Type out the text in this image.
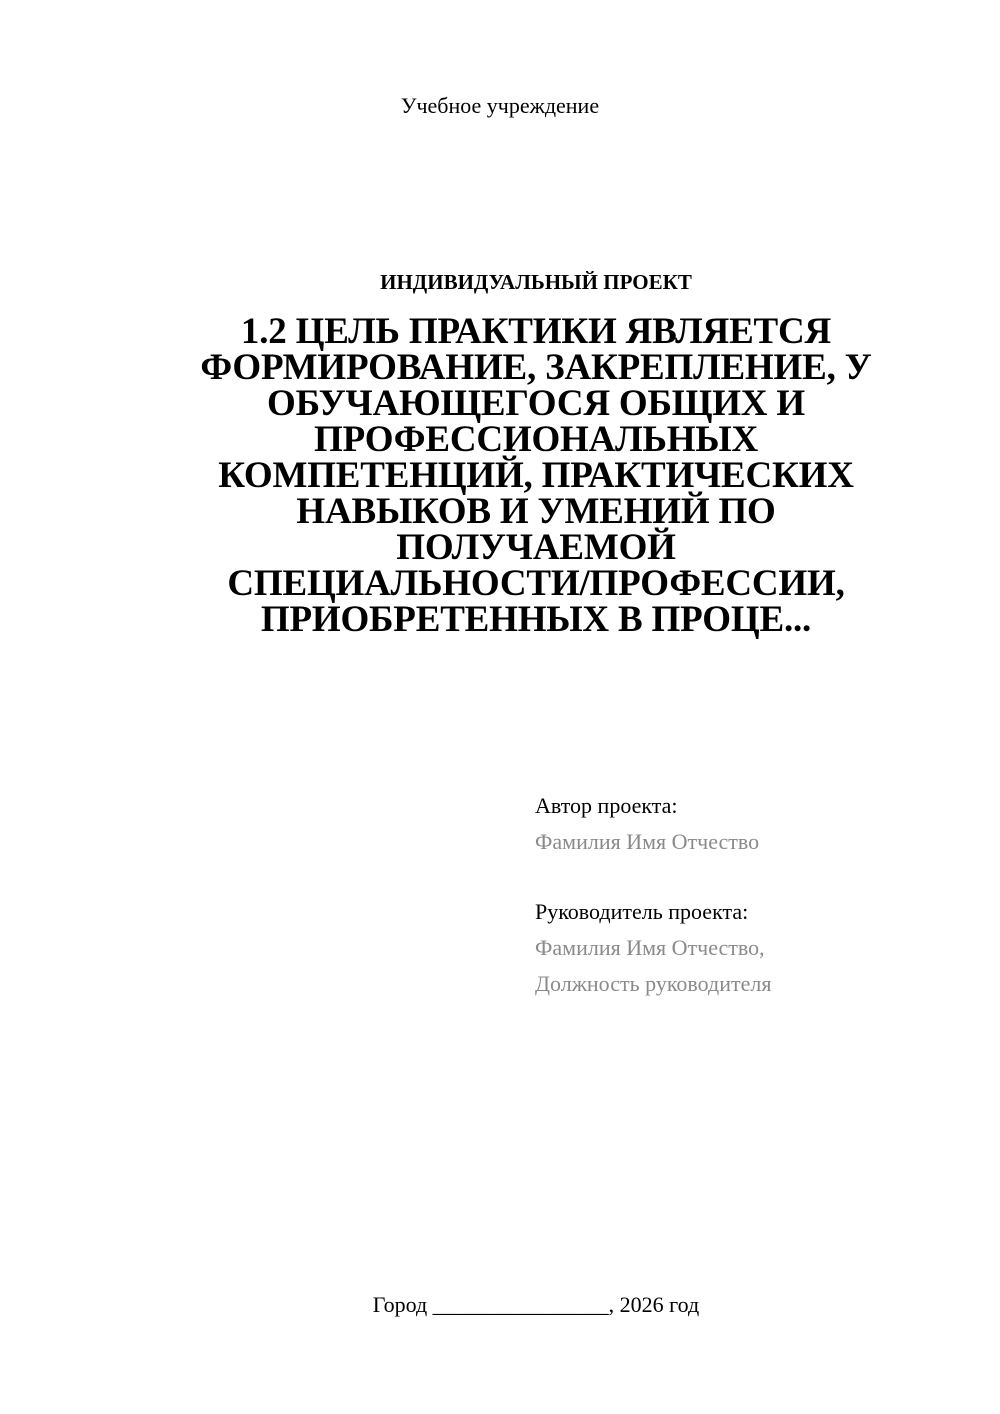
Учебное учреждение
ИНДИВИДУАЛЬНЫЙ ПРОЕКТ
1.2 ЦЕЛЬ ПРАКТИКИ ЯВЛЯЕТСЯ
ФОРМИРОВАНИЕ, ЗАКРЕПЛЕНИЕ, У
ОБУЧАЮЩЕГОСЯ ОБЩИХ И
ПРОФЕССИОНАЛЬНЫХ
КОМПЕТЕНЦИЙ, ПРАКТИЧЕСКИХ
НАВЫКОВ И УМЕНИЙ ПО
ПОЛУЧАЕМОЙ
СПЕЦИАЛЬНОСТИ/ПРОФЕССИИ,
ПРИОБРЕТЕННЫХ В ПРОЦЕ...
Автор проекта:
Фамилия Имя Отчество
Руководитель проекта:
Фамилия Имя Отчество,
Должность руководителя
Город ________________, 2026 год
